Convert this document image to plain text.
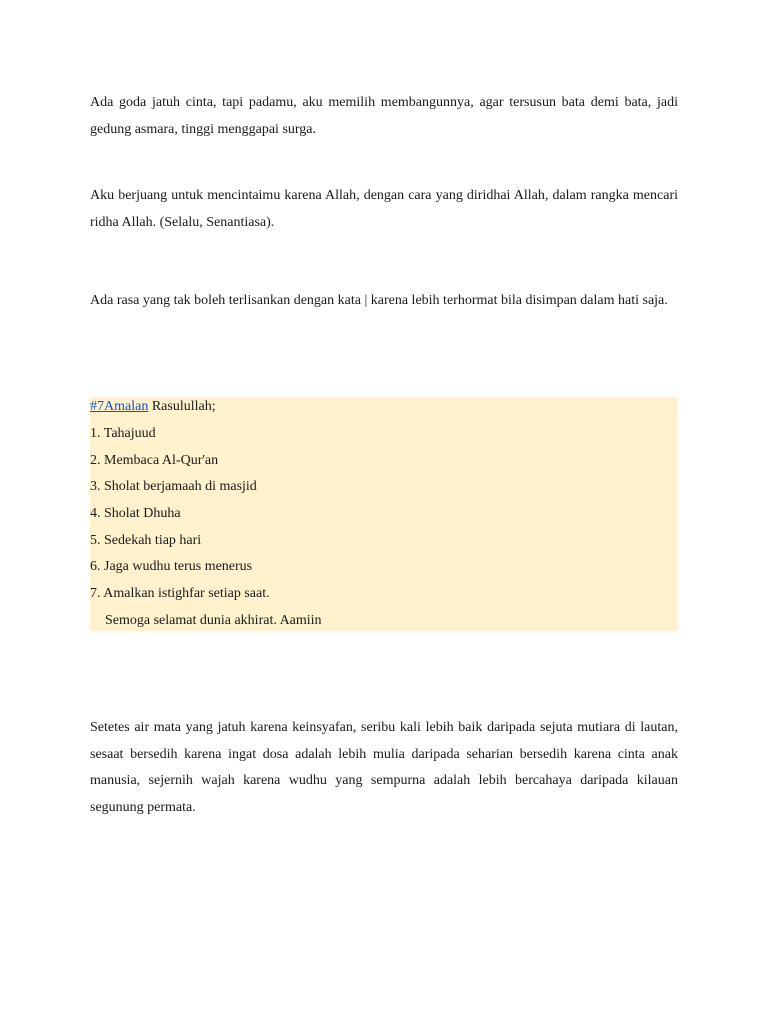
Ada goda jatuh cinta, tapi padamu, aku memilih membangunnya, agar tersusun bata demi bata, jadi gedung asmara, tinggi menggapai surga.

Aku berjuang untuk mencintaimu karena Allah, dengan cara yang diridhai Allah, dalam rangka mencari ridha Allah. (Selalu, Senantiasa).

Ada rasa yang tak boleh terlisankan dengan kata | karena lebih terhormat bila disimpan dalam hati saja.

#7Amalan Rasulullah;
1. Tahajuud
2. Membaca Al-Qur'an
3. Sholat berjamaah di masjid
4. Sholat Dhuha
5. Sedekah tiap hari
6. Jaga wudhu terus menerus
7. Amalkan istighfar setiap saat.
Semoga selamat dunia akhirat. Aamiin

Setetes air mata yang jatuh karena keinsyafan, seribu kali lebih baik daripada sejuta mutiara di lautan, sesaat bersedih karena ingat dosa adalah lebih mulia daripada seharian bersedih karena cinta anak manusia, sejernih wajah karena wudhu yang sempurna adalah lebih bercahaya daripada kilauan segunung permata.
